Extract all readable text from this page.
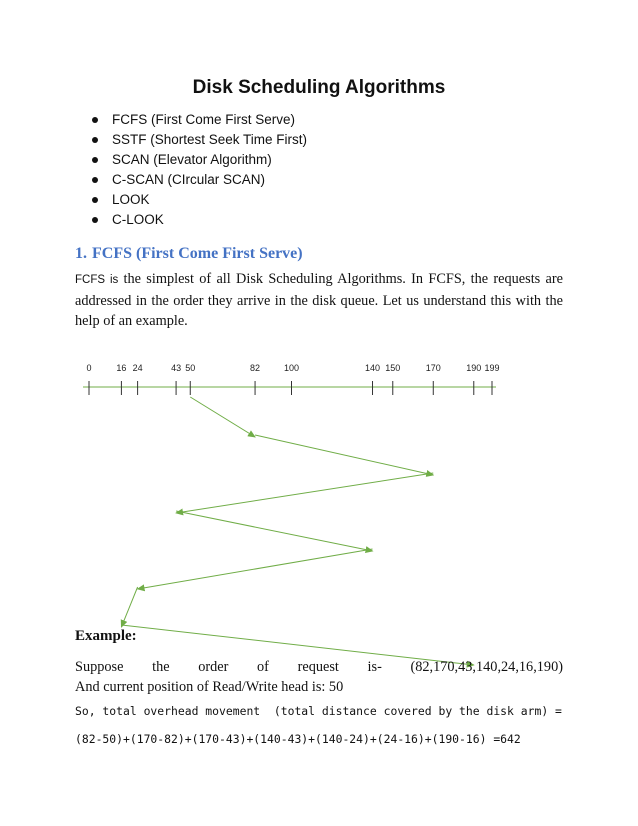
Disk Scheduling Algorithms
FCFS (First Come First Serve)
SSTF (Shortest Seek Time First)
SCAN (Elevator Algorithm)
C-SCAN (CIrcular SCAN)
LOOK
C-LOOK
1. FCFS (First Come First Serve)

FCFS is the simplest of all Disk Scheduling Algorithms. In FCFS, the requests are addressed in the order they arrive in the disk queue. Let us understand this with the help of an example.

0	16 24	43 50	82	100	140 150	170	190 199
Example:
Suppose the order of request is- (82,170,43,140,24,16,190)
And current position of Read/Write head is: 50
So, total overhead movement  (total distance covered by the disk arm) =
(82-50)+(170-82)+(170-43)+(140-43)+(140-24)+(24-16)+(190-16) =642
